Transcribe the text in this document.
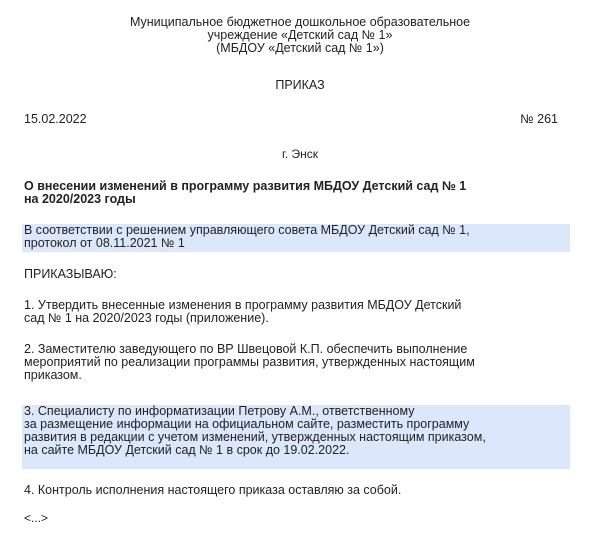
Муниципальное бюджетное дошкольное образовательное
учреждение «Детский сад № 1»
(МБДОУ «Детский сад № 1»)
ПРИКАЗ
15.02.2022	№ 261
г. Энск
О внесении изменений в программу развития МБДОУ Детский сад № 1
на 2020/2023 годы
В соответствии с решением управляющего совета МБДОУ Детский сад № 1,
протокол от 08.11.2021 № 1
ПРИКАЗЫВАЮ:
1. Утвердить внесенные изменения в программу развития МБДОУ Детский
сад № 1 на 2020/2023 годы (приложение).
2. Заместителю заведующего по ВР Швецовой К.П. обеспечить выполнение
мероприятий по реализации программы развития, утвержденных настоящим
приказом.
3. Специалисту по информатизации Петрову А.М., ответственному
за размещение информации на официальном сайте, разместить программу
развития в редакции с учетом изменений, утвержденных настоящим приказом,
на сайте МБДОУ Детский сад № 1 в срок до 19.02.2022.
4. Контроль исполнения настоящего приказа оставляю за собой.
<...>
